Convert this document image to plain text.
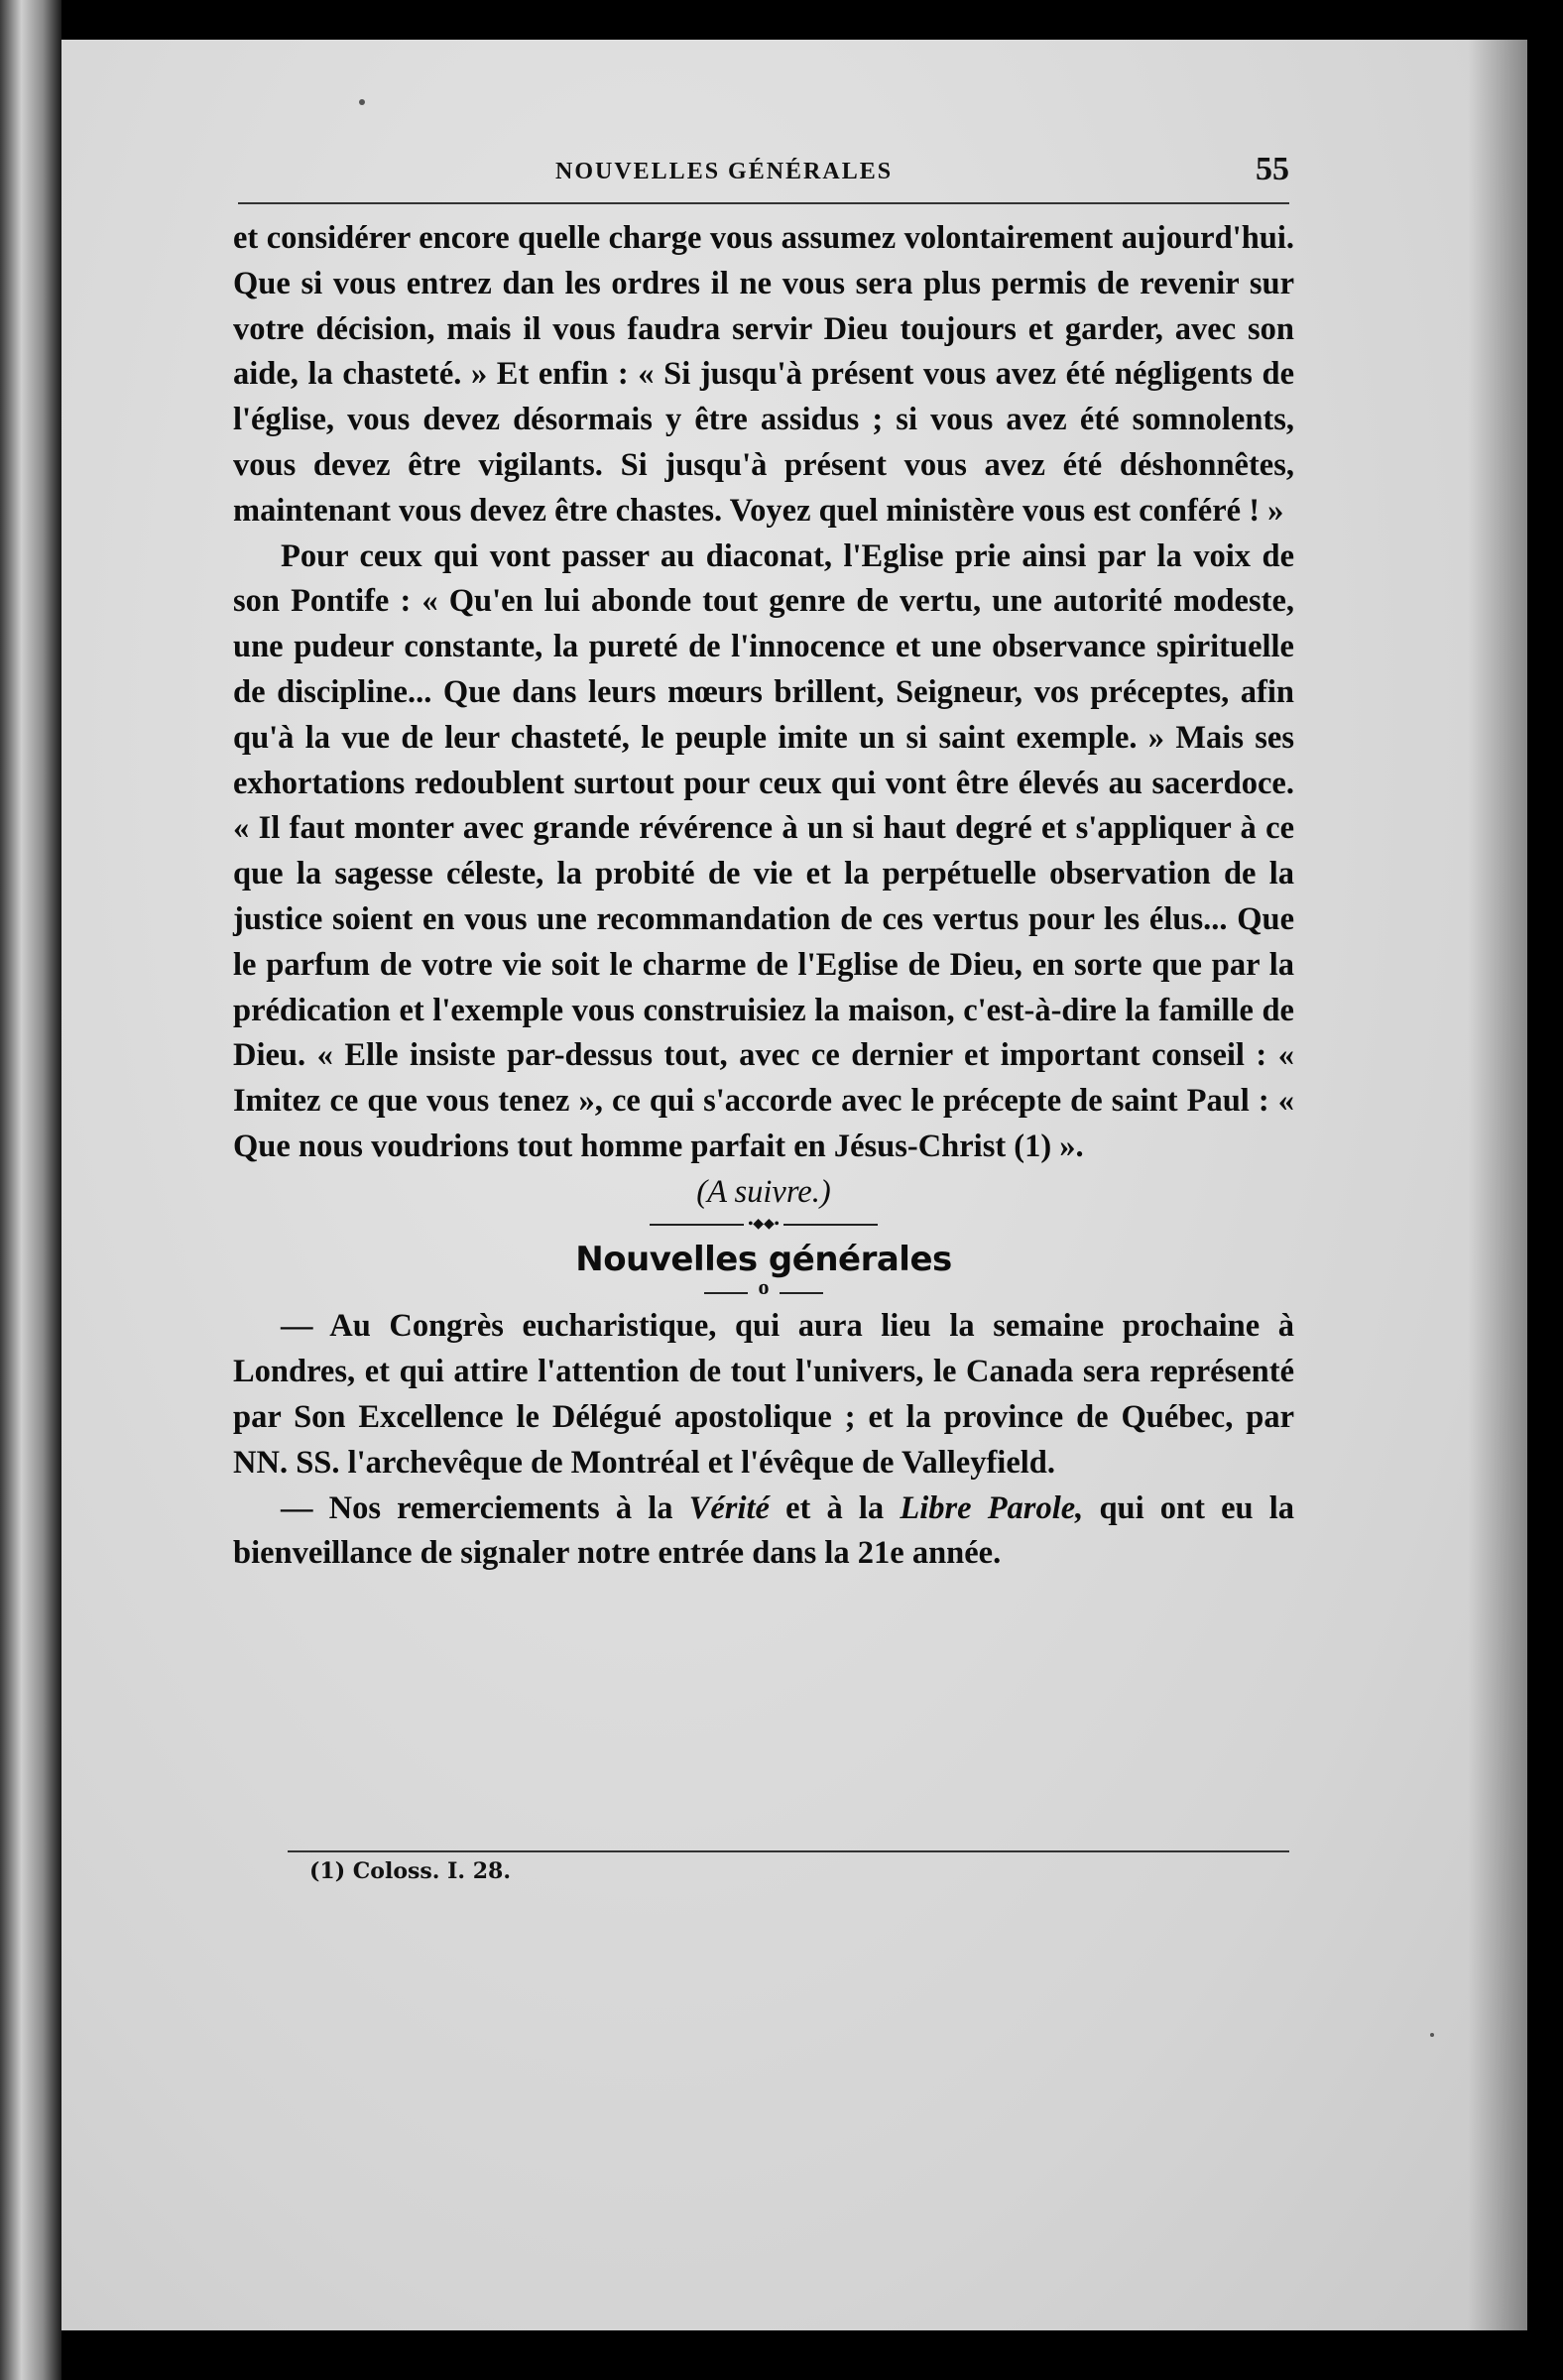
NOUVELLES GÉNÉRALES	55

et considérer encore quelle charge vous assumez volontairement aujourd'hui. Que si vous entrez dan les ordres il ne vous sera plus permis de revenir sur votre décision, mais il vous faudra servir Dieu toujours et garder, avec son aide, la chasteté. » Et enfin : « Si jusqu'à présent vous avez été négligents de l'église, vous devez désormais y être assidus ; si vous avez été somnolents, vous devez être vigilants. Si jusqu'à présent vous avez été déshonnêtes, maintenant vous devez être chastes. Voyez quel ministère vous est conféré ! »

Pour ceux qui vont passer au diaconat, l'Eglise prie ainsi par la voix de son Pontife : « Qu'en lui abonde tout genre de vertu, une autorité modeste, une pudeur constante, la pureté de l'innocence et une observance spirituelle de discipline... Que dans leurs mœurs brillent, Seigneur, vos préceptes, afin qu'à la vue de leur chasteté, le peuple imite un si saint exemple. » Mais ses exhortations redoublent surtout pour ceux qui vont être élevés au sacerdoce. « Il faut monter avec grande révérence à un si haut degré et s'appliquer à ce que la sagesse céleste, la probité de vie et la perpétuelle observation de la justice soient en vous une recommandation de ces vertus pour les élus... Que le parfum de votre vie soit le charme de l'Eglise de Dieu, en sorte que par la prédication et l'exemple vous construisiez la maison, c'est-à-dire la famille de Dieu. « Elle insiste par-dessus tout, avec ce dernier et important conseil : « Imitez ce que vous tenez », ce qui s'accorde avec le précepte de saint Paul : « Que nous voudrions tout homme parfait en Jésus-Christ (1) ».

(A suivre.)

•◆◆•

Nouvelles générales

o

— Au Congrès eucharistique, qui aura lieu la semaine prochaine à Londres, et qui attire l'attention de tout l'univers, le Canada sera représenté par Son Excellence le Délégué apostolique ; et la province de Québec, par NN. SS. l'archevêque de Montréal et l'évêque de Valleyfield.

— Nos remerciements à la Vérité et à la Libre Parole, qui ont eu la bienveillance de signaler notre entrée dans la 21e année.

(1) Coloss. I. 28.
